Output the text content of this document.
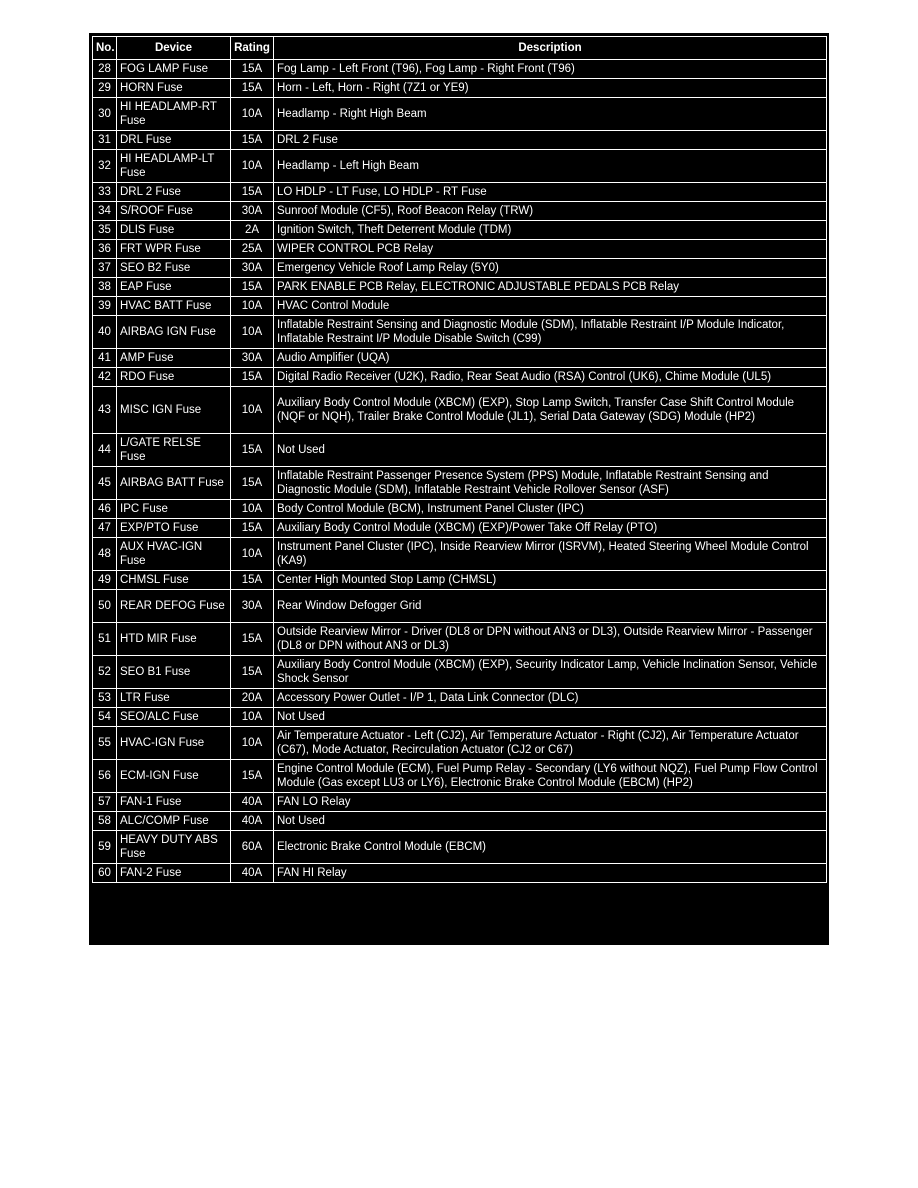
No.	Device	Rating	Description
28	FOG LAMP Fuse	15A	Fog Lamp - Left Front (T96), Fog Lamp - Right Front (T96)
29	HORN Fuse	15A	Horn - Left, Horn - Right (7Z1 or YE9)
30	HI HEADLAMP-RT Fuse	10A	Headlamp - Right High Beam
31	DRL Fuse	15A	DRL 2 Fuse
32	HI HEADLAMP-LT Fuse	10A	Headlamp - Left High Beam
33	DRL 2 Fuse	15A	LO HDLP - LT Fuse, LO HDLP - RT Fuse
34	S/ROOF Fuse	30A	Sunroof Module (CF5), Roof Beacon Relay (TRW)
35	DLIS Fuse	2A	Ignition Switch, Theft Deterrent Module (TDM)
36	FRT WPR Fuse	25A	WIPER CONTROL PCB Relay
37	SEO B2 Fuse	30A	Emergency Vehicle Roof Lamp Relay (5Y0)
38	EAP Fuse	15A	PARK ENABLE PCB Relay, ELECTRONIC ADJUSTABLE PEDALS PCB Relay
39	HVAC BATT Fuse	10A	HVAC Control Module
40	AIRBAG IGN Fuse	10A	Inflatable Restraint Sensing and Diagnostic Module (SDM), Inflatable Restraint I/P Module Indicator, Inflatable Restraint I/P Module Disable Switch (C99)
41	AMP Fuse	30A	Audio Amplifier (UQA)
42	RDO Fuse	15A	Digital Radio Receiver (U2K), Radio, Rear Seat Audio (RSA) Control (UK6), Chime Module (UL5)
43	MISC IGN Fuse	10A	Auxiliary Body Control Module (XBCM) (EXP), Stop Lamp Switch, Transfer Case Shift Control Module (NQF or NQH), Trailer Brake Control Module (JL1), Serial Data Gateway (SDG) Module (HP2)
44	L/GATE RELSE Fuse	15A	Not Used
45	AIRBAG BATT Fuse	15A	Inflatable Restraint Passenger Presence System (PPS) Module, Inflatable Restraint Sensing and Diagnostic Module (SDM), Inflatable Restraint Vehicle Rollover Sensor (ASF)
46	IPC Fuse	10A	Body Control Module (BCM), Instrument Panel Cluster (IPC)
47	EXP/PTO Fuse	15A	Auxiliary Body Control Module (XBCM) (EXP)/Power Take Off Relay (PTO)
48	AUX HVAC-IGN Fuse	10A	Instrument Panel Cluster (IPC), Inside Rearview Mirror (ISRVM), Heated Steering Wheel Module Control (KA9)
49	CHMSL Fuse	15A	Center High Mounted Stop Lamp (CHMSL)
50	REAR DEFOG Fuse	30A	Rear Window Defogger Grid
51	HTD MIR Fuse	15A	Outside Rearview Mirror - Driver (DL8 or DPN without AN3 or DL3), Outside Rearview Mirror - Passenger (DL8 or DPN without AN3 or DL3)
52	SEO B1 Fuse	15A	Auxiliary Body Control Module (XBCM) (EXP), Security Indicator Lamp, Vehicle Inclination Sensor, Vehicle Shock Sensor
53	LTR Fuse	20A	Accessory Power Outlet - I/P 1, Data Link Connector (DLC)
54	SEO/ALC Fuse	10A	Not Used
55	HVAC-IGN Fuse	10A	Air Temperature Actuator - Left (CJ2), Air Temperature Actuator - Right (CJ2), Air Temperature Actuator (C67), Mode Actuator, Recirculation Actuator (CJ2 or C67)
56	ECM-IGN Fuse	15A	Engine Control Module (ECM), Fuel Pump Relay - Secondary (LY6 without NQZ), Fuel Pump Flow Control Module (Gas except LU3 or LY6), Electronic Brake Control Module (EBCM) (HP2)
57	FAN-1 Fuse	40A	FAN LO Relay
58	ALC/COMP Fuse	40A	Not Used
59	HEAVY DUTY ABS Fuse	60A	Electronic Brake Control Module (EBCM)
60	FAN-2 Fuse	40A	FAN HI Relay
